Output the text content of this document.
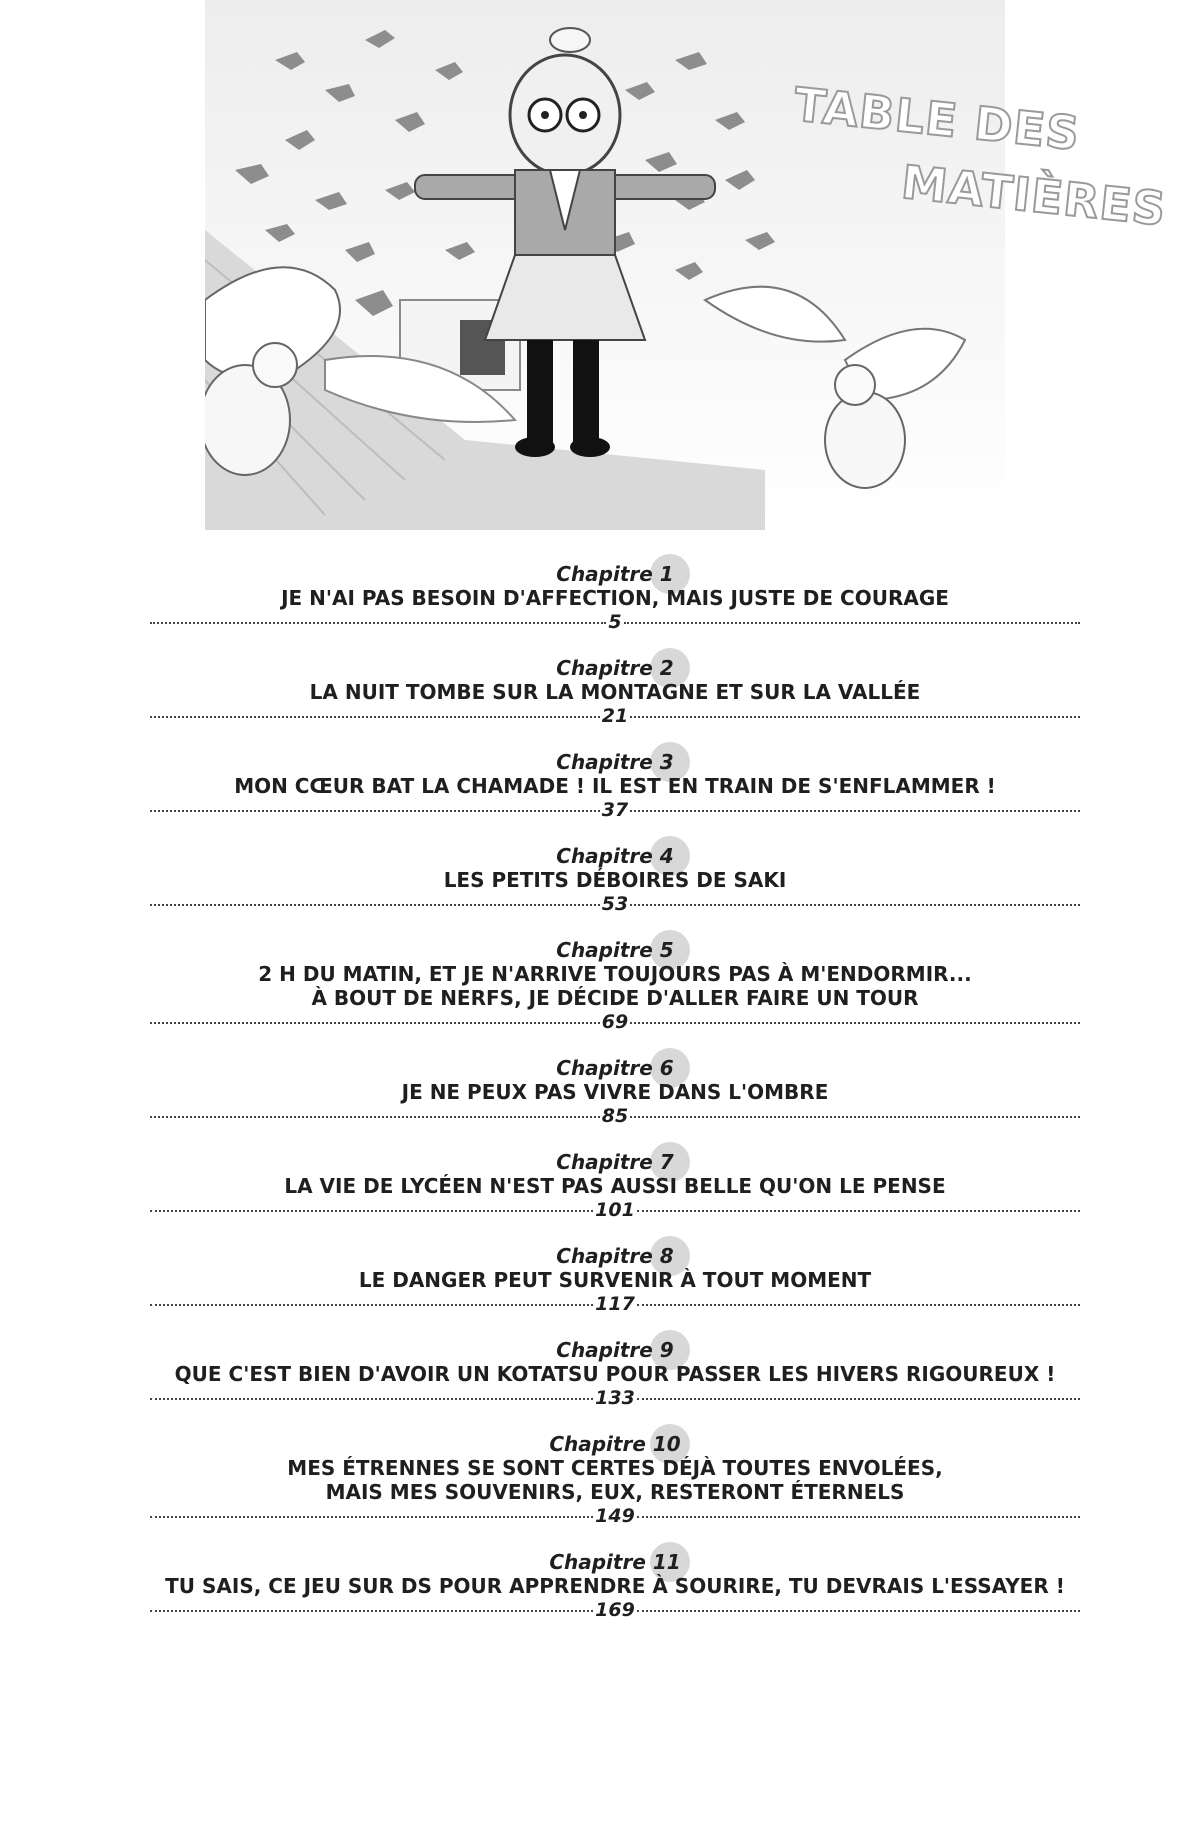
TABLE DES
MATIÈRES
Chapitre 1
JE N'AI PAS BESOIN D'AFFECTION, MAIS JUSTE DE COURAGE
5
Chapitre 2
LA NUIT TOMBE SUR LA MONTAGNE ET SUR LA VALLÉE
21
Chapitre 3
MON CŒUR BAT LA CHAMADE ! IL EST EN TRAIN DE S'ENFLAMMER !
37
Chapitre 4
LES PETITS DÉBOIRES DE SAKI
53
Chapitre 5
2 H DU MATIN, ET JE N'ARRIVE TOUJOURS PAS À M'ENDORMIR...
À BOUT DE NERFS, JE DÉCIDE D'ALLER FAIRE UN TOUR
69
Chapitre 6
JE NE PEUX PAS VIVRE DANS L'OMBRE
85
Chapitre 7
LA VIE DE LYCÉEN N'EST PAS AUSSI BELLE QU'ON LE PENSE
101
Chapitre 8
LE DANGER PEUT SURVENIR À TOUT MOMENT
117
Chapitre 9
QUE C'EST BIEN D'AVOIR UN KOTATSU POUR PASSER LES HIVERS RIGOUREUX !
133
Chapitre 10
MES ÉTRENNES SE SONT CERTES DÉJÀ TOUTES ENVOLÉES,
MAIS MES SOUVENIRS, EUX, RESTERONT ÉTERNELS
149
Chapitre 11
TU SAIS, CE JEU SUR DS POUR APPRENDRE À SOURIRE, TU DEVRAIS L'ESSAYER !
169
